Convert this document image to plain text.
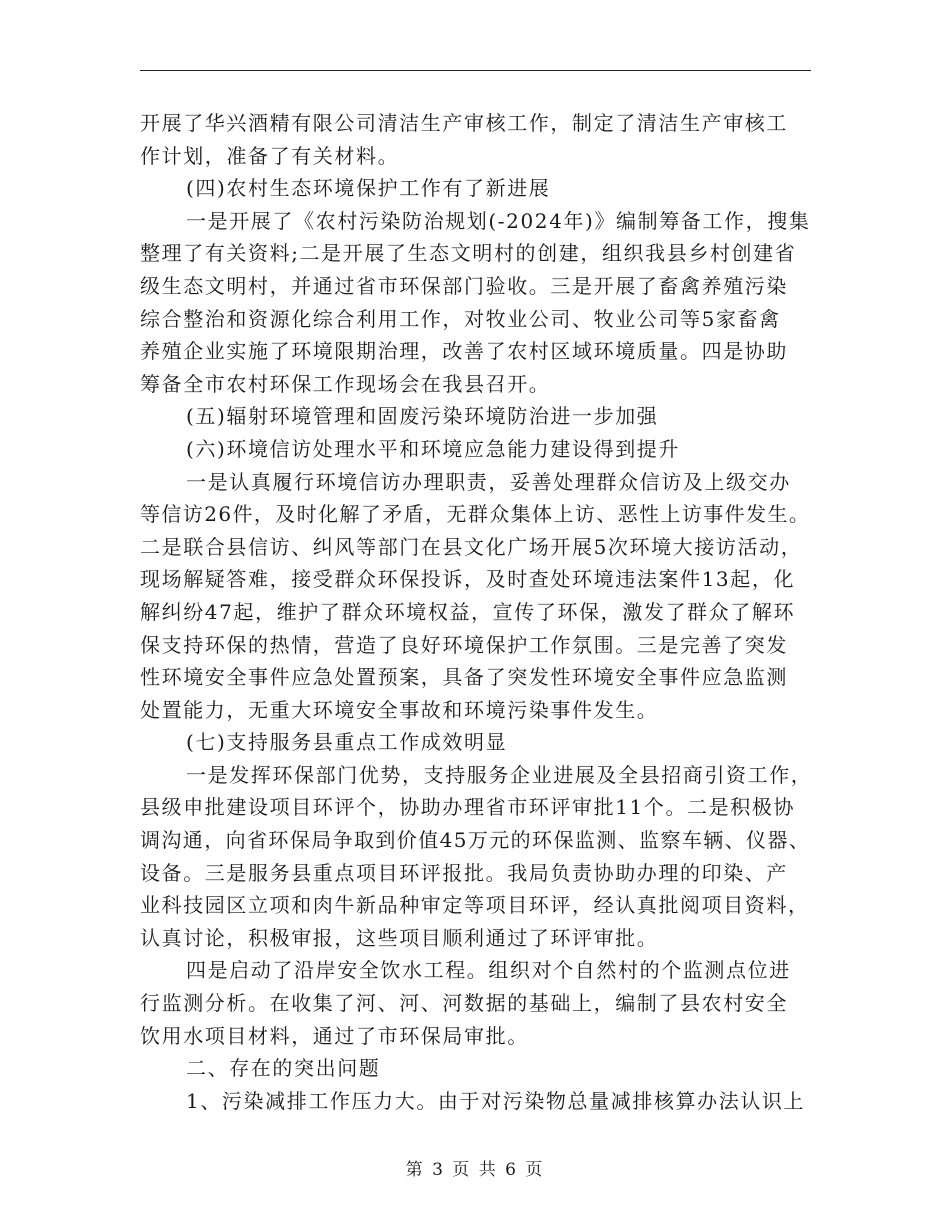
开展了华兴酒精有限公司清洁生产审核工作，制定了清洁生产审核工
作计划，准备了有关材料。
(四)农村生态环境保护工作有了新进展
一是开展了《农村污染防治规划(-2024年)》编制筹备工作，搜集
整理了有关资料;二是开展了生态文明村的创建，组织我县乡村创建省
级生态文明村，并通过省市环保部门验收。三是开展了畜禽养殖污染
综合整治和资源化综合利用工作，对牧业公司、牧业公司等5家畜禽
养殖企业实施了环境限期治理，改善了农村区域环境质量。四是协助
筹备全市农村环保工作现场会在我县召开。
(五)辐射环境管理和固废污染环境防治进一步加强
(六)环境信访处理水平和环境应急能力建设得到提升
一是认真履行环境信访办理职责，妥善处理群众信访及上级交办
等信访26件，及时化解了矛盾，无群众集体上访、恶性上访事件发生。
二是联合县信访、纠风等部门在县文化广场开展5次环境大接访活动，
现场解疑答难，接受群众环保投诉，及时查处环境违法案件13起，化
解纠纷47起，维护了群众环境权益，宣传了环保，激发了群众了解环
保支持环保的热情，营造了良好环境保护工作氛围。三是完善了突发
性环境安全事件应急处置预案，具备了突发性环境安全事件应急监测
处置能力，无重大环境安全事故和环境污染事件发生。
(七)支持服务县重点工作成效明显
一是发挥环保部门优势，支持服务企业进展及全县招商引资工作，
县级申批建设项目环评个，协助办理省市环评审批11个。二是积极协
调沟通，向省环保局争取到价值45万元的环保监测、监察车辆、仪器、
设备。三是服务县重点项目环评报批。我局负责协助办理的印染、产
业科技园区立项和肉牛新品种审定等项目环评，经认真批阅项目资料，
认真讨论，积极审报，这些项目顺利通过了环评审批。
四是启动了沿岸安全饮水工程。组织对个自然村的个监测点位进
行监测分析。在收集了河、河、河数据的基础上，编制了县农村安全
饮用水项目材料，通过了市环保局审批。
二、存在的突出问题
1、污染减排工作压力大。由于对污染物总量减排核算办法认识上
第 3 页 共 6 页
